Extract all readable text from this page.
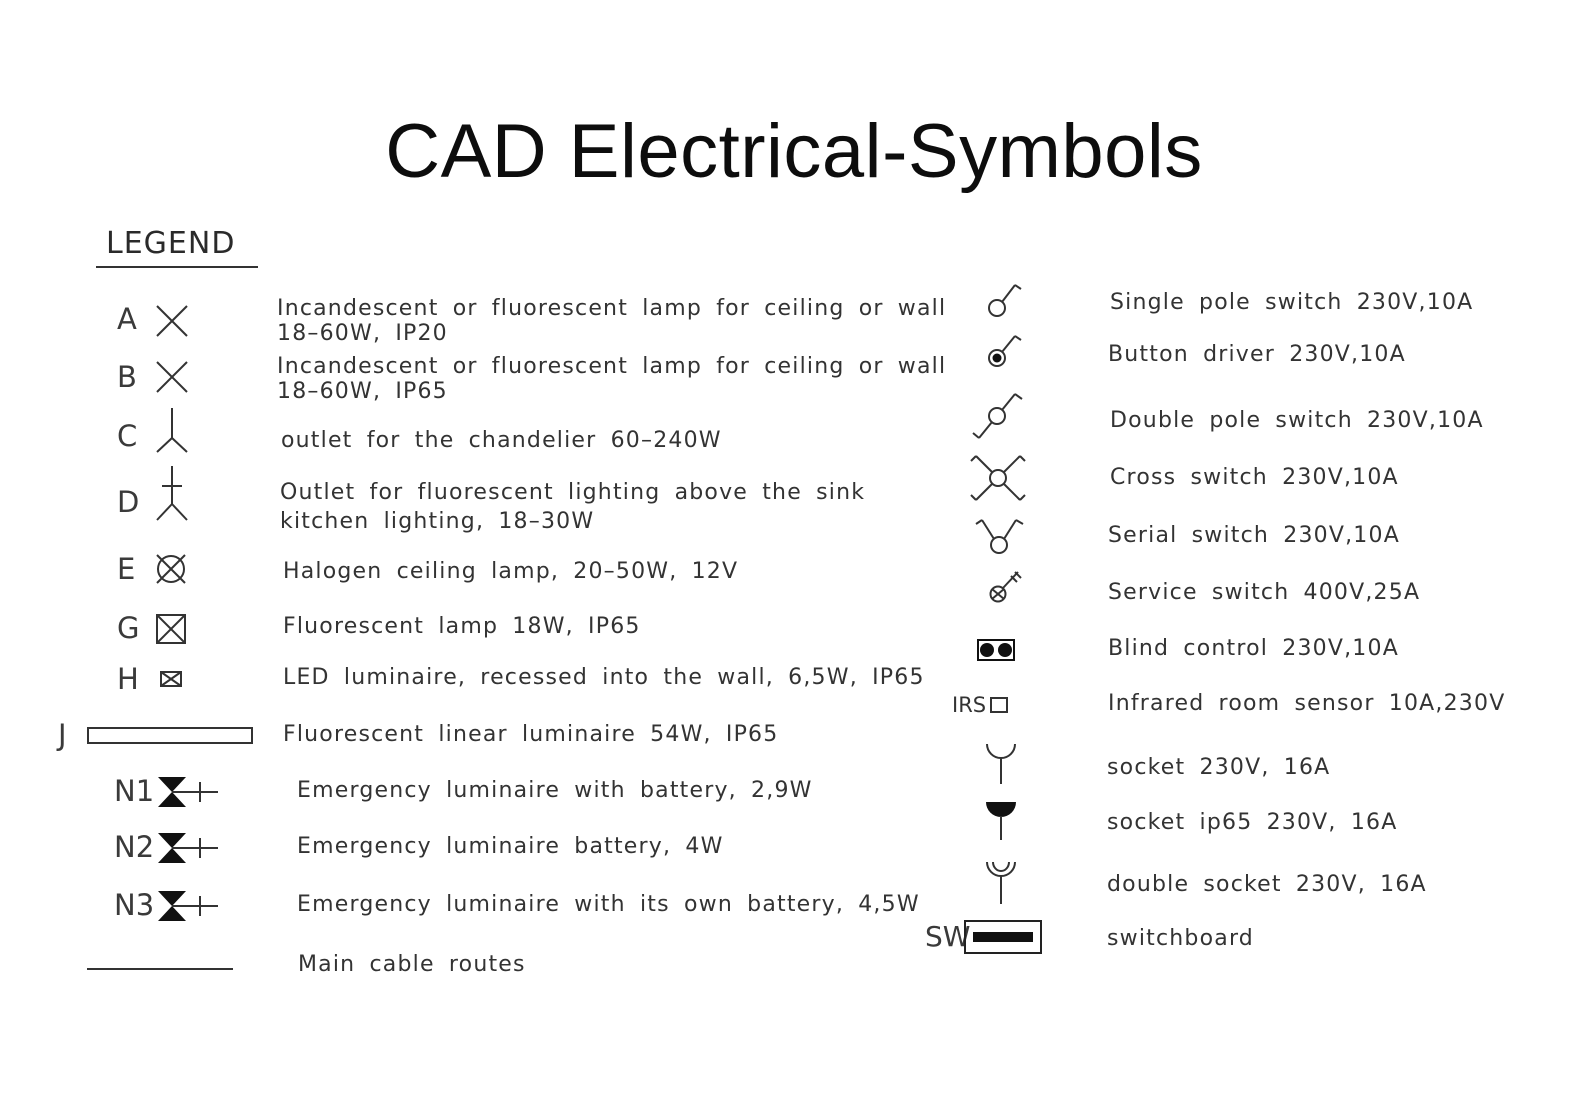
CAD Electrical-Symbols
LEGEND
A	Incandescent or fluorescent lamp for ceiling or wall
18–60W, IP20
B	Incandescent or fluorescent lamp for ceiling or wall
18–60W, IP65
C	outlet for the chandelier 60–240W
D	Outlet for fluorescent lighting above the sink
kitchen lighting, 18–30W
E	Halogen ceiling lamp, 20–50W, 12V
G	Fluorescent lamp 18W, IP65
H	LED luminaire, recessed into the wall, 6,5W, IP65
J	Fluorescent linear luminaire 54W, IP65
N1	Emergency luminaire with battery, 2,9W
N2	Emergency luminaire battery, 4W
N3	Emergency luminaire with its own battery, 4,5W
Main cable routes
Single pole switch 230V,10A
Button driver 230V,10A
Double pole switch 230V,10A
Cross switch 230V,10A
Serial switch 230V,10A
Service switch 400V,25A
Blind control 230V,10A
IRS	Infrared room sensor 10A,230V
socket 230V, 16A
socket ip65 230V, 16A
double socket 230V, 16A
SW	switchboard
